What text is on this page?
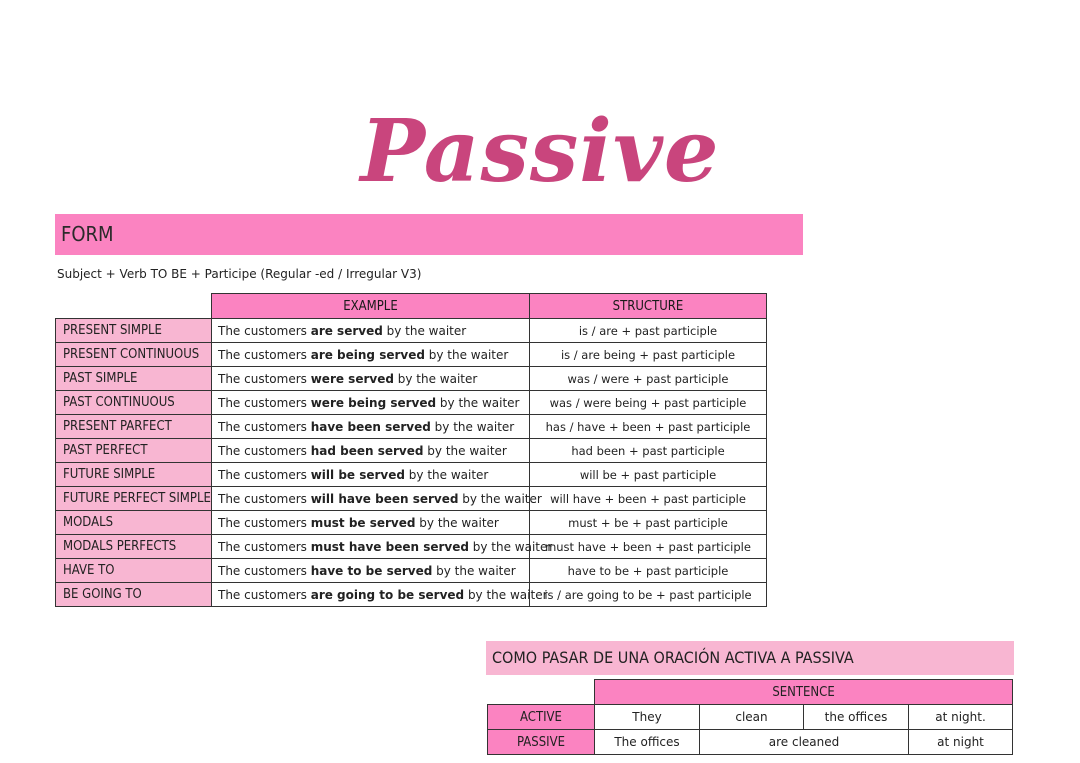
Passive
FORM
Subject + Verb TO BE + Participe (Regular -ed / Irregular V3)
	EXAMPLE	STRUCTURE
PRESENT SIMPLE	The customers are served by the waiter	is / are + past participle
PRESENT CONTINUOUS	The customers are being served by the waiter	is / are being + past participle
PAST SIMPLE	The customers were served by the waiter	was / were + past participle
PAST CONTINUOUS	The customers were being served by the waiter	was / were being + past participle
PRESENT PARFECT	The customers have been served by the waiter	has / have + been + past participle
PAST PERFECT	The customers had been served by the waiter	had been + past participle
FUTURE SIMPLE	The customers will be served by the waiter	will be + past participle
FUTURE PERFECT SIMPLE	The customers will have been served by the waiter	will have + been + past participle
MODALS	The customers must be served by the waiter	must + be + past participle
MODALS PERFECTS	The customers must have been served by the waiter	must have + been + past participle
HAVE TO	The customers have to be served by the waiter	have to be + past participle
BE GOING TO	The customers are going to be served by the waiter	is / are going to be + past participle
COMO PASAR DE UNA ORACIÓN ACTIVA A PASSIVA
	SENTENCE			
ACTIVE	They	clean	the offices	at night.
PASSIVE	The offices	are cleaned		at night
